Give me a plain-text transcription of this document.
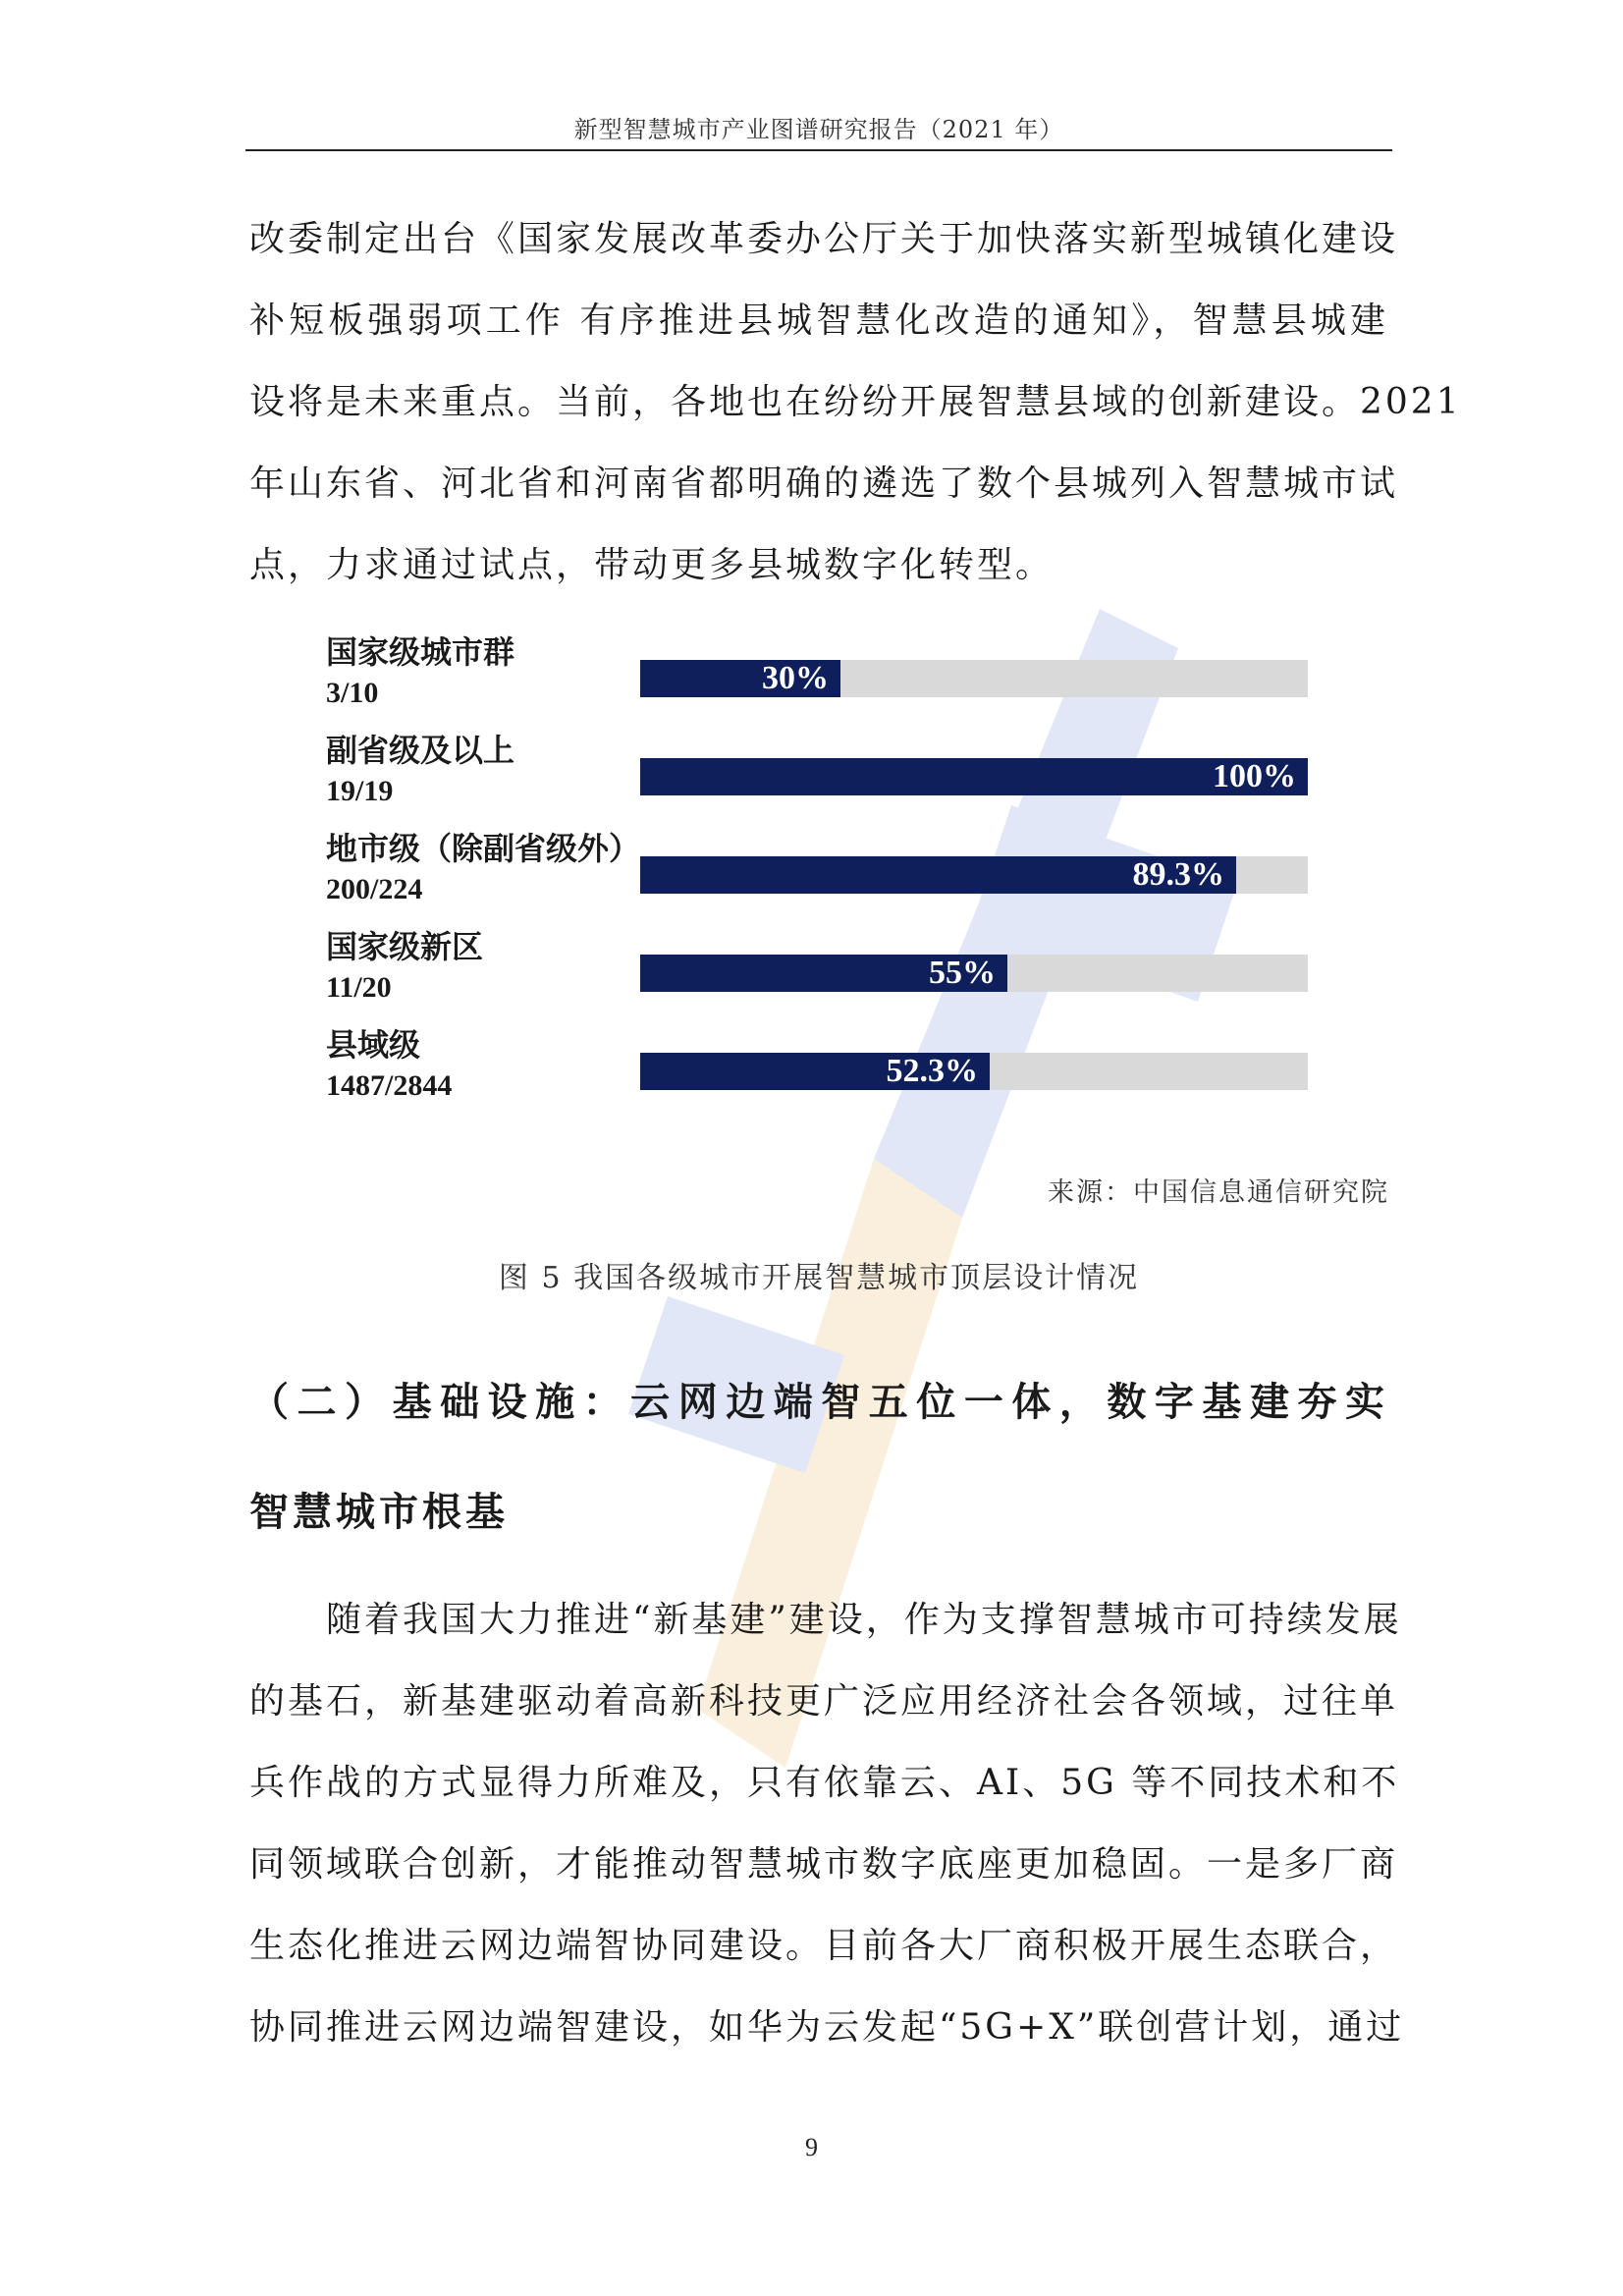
新型智慧城市产业图谱研究报告（2021 年）
改委制定出台《国家发展改革委办公厅关于加快落实新型城镇化建设
补短板强弱项工作 有序推进县城智慧化改造的通知》，智慧县城建
设将是未来重点。当前，各地也在纷纷开展智慧县域的创新建设。2021
年山东省、河北省和河南省都明确的遴选了数个县城列入智慧城市试
点，力求通过试点，带动更多县城数字化转型。
国家级城市群
3/10	30%
副省级及以上
19/19	100%
地市级（除副省级外）
200/224	89.3%
国家级新区
11/20	55%
县域级
1487/2844	52.3%
来源：中国信息通信研究院
图 5 我国各级城市开展智慧城市顶层设计情况
（二）基础设施：云网边端智五位一体，数字基建夯实
智慧城市根基
随着我国大力推进“新基建”建设，作为支撑智慧城市可持续发展
的基石，新基建驱动着高新科技更广泛应用经济社会各领域，过往单
兵作战的方式显得力所难及，只有依靠云、AI、5G 等不同技术和不
同领域联合创新，才能推动智慧城市数字底座更加稳固。一是多厂商
生态化推进云网边端智协同建设。目前各大厂商积极开展生态联合，
协同推进云网边端智建设，如华为云发起“5G+X”联创营计划，通过
9
